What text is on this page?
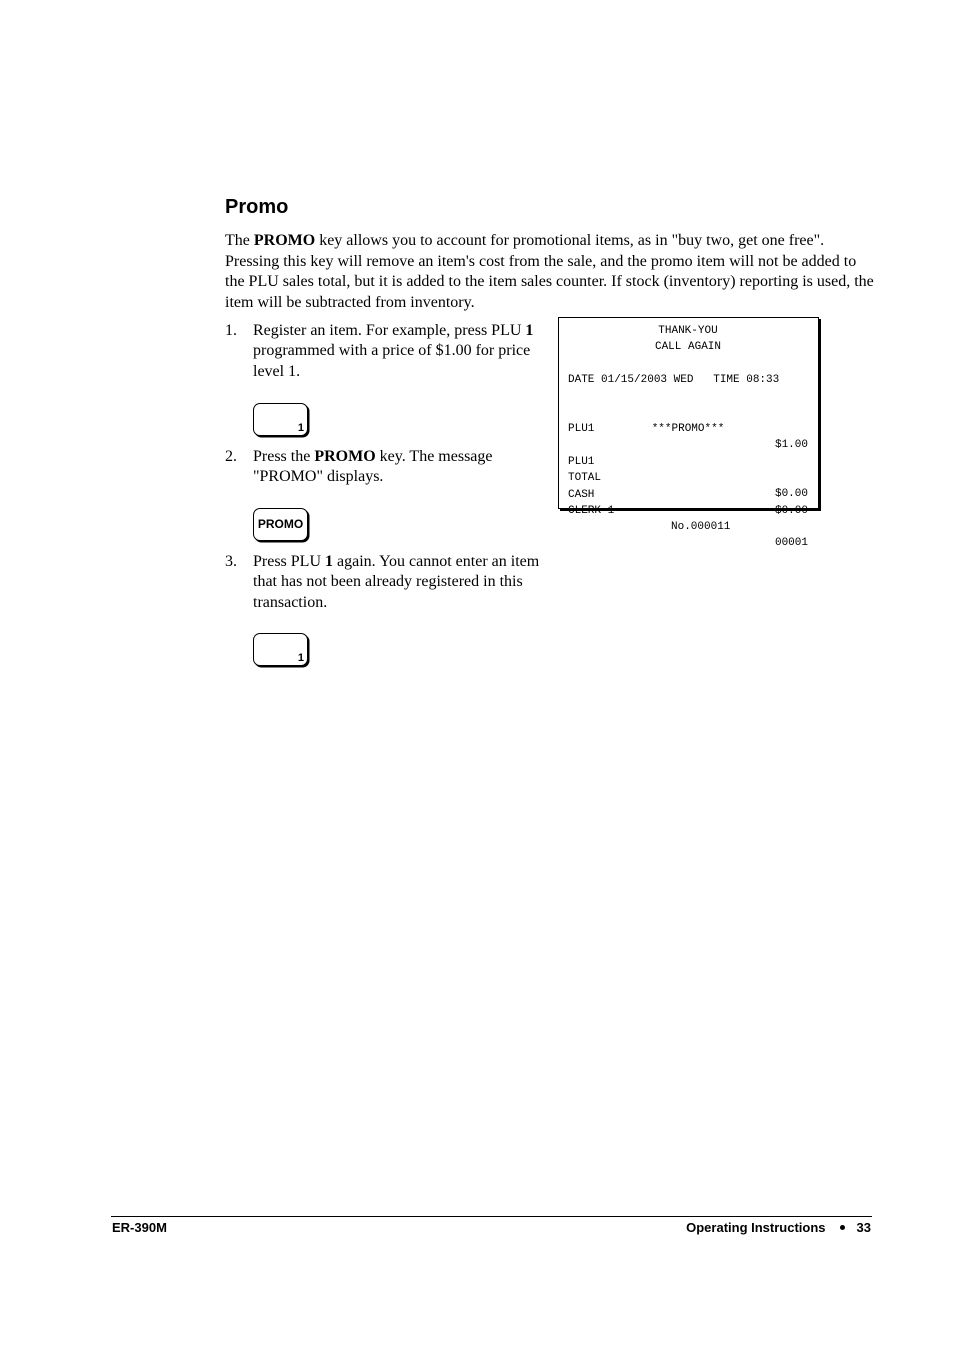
Promo

The PROMO key allows you to account for promotional items, as in "buy two, get one free". Pressing this key will remove an item's cost from the sale, and the promo item will not be added to the PLU sales total, but it is added to the item sales counter. If stock (inventory) reporting is used, the item will be subtracted from inventory.

1. Register an item. For example, press PLU 1 programmed with a price of $1.00 for price level 1.
1
2. Press the PROMO key. The message "PROMO" displays.
PROMO
3. Press PLU 1 again. You cannot enter an item that has not been already registered in this transaction.
1
THANK-YOU
CALL AGAIN
DATE 01/15/2003 WED   TIME 08:33

PLU1

$1.00

***PROMO***

PLU1

TOTAL

$0.00

CASH

$0.00

CLERK 1

No.000011

00001

ER-390M	Operating Instructions 33
